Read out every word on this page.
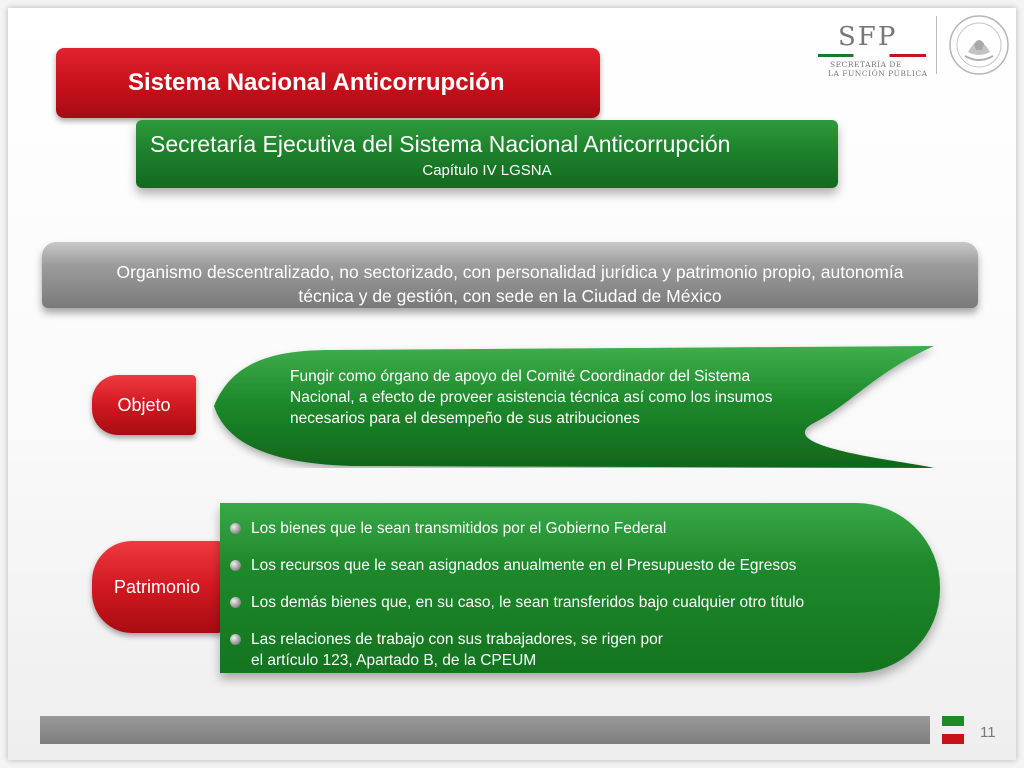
Sistema Nacional Anticorrupción
SFP
SECRETARÍA DE
LA FUNCIÓN PÚBLICA
Secretaría Ejecutiva del Sistema Nacional Anticorrupción
Capítulo IV LGSNA
Organismo descentralizado, no sectorizado, con personalidad jurídica y patrimonio propio, autonomía
técnica y de gestión, con sede en la Ciudad de México
Objeto
Fungir como órgano de apoyo del Comité Coordinador del Sistema Nacional, a efecto de proveer asistencia técnica así como los insumos necesarios para el desempeño de sus atribuciones
Patrimonio
Los bienes que le sean transmitidos por el Gobierno Federal
Los recursos que le sean asignados anualmente en el Presupuesto de Egresos
Los demás bienes que, en su caso, le sean transferidos bajo cualquier otro título
Las relaciones de trabajo con sus trabajadores, se rigen por el artículo 123, Apartado B, de la CPEUM
11
